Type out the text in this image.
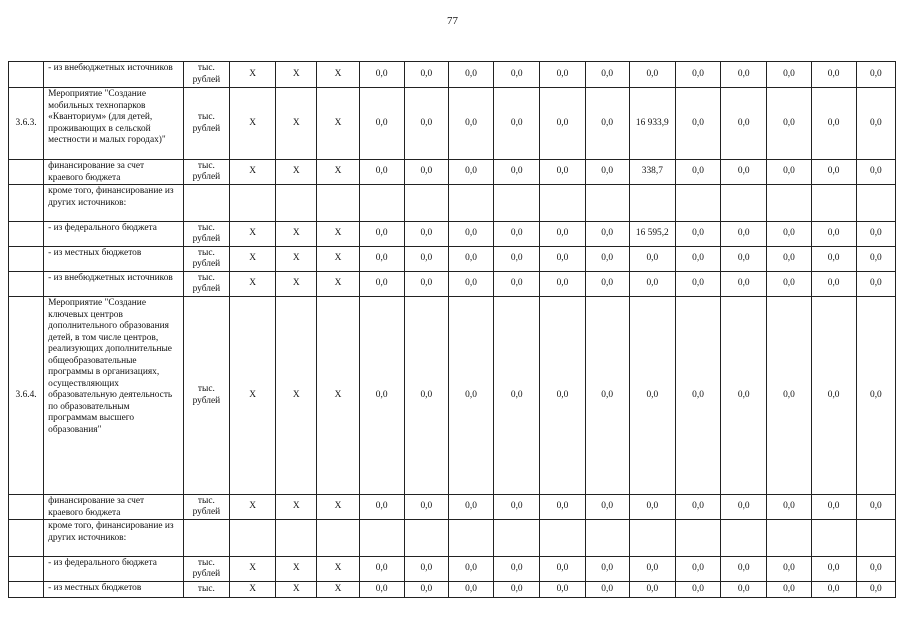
77
	- из внебюджетных источников	тыс. рублей	X	X	X	0,0	0,0	0,0	0,0	0,0	0,0	0,0	0,0	0,0	0,0	0,0	0,0
3.6.3.	Мероприятие "Создание мобильных технопарков «Кванториум» (для детей, проживающих в сельской местности и малых городах)"	тыс. рублей	X	X	X	0,0	0,0	0,0	0,0	0,0	0,0	16 933,9	0,0	0,0	0,0	0,0	0,0
	финансирование за счет краевого бюджета	тыс. рублей	X	X	X	0,0	0,0	0,0	0,0	0,0	0,0	338,7	0,0	0,0	0,0	0,0	0,0
	кроме того, финансирование из других источников:																
	- из федерального бюджета	тыс. рублей	X	X	X	0,0	0,0	0,0	0,0	0,0	0,0	16 595,2	0,0	0,0	0,0	0,0	0,0
	- из местных бюджетов	тыс. рублей	X	X	X	0,0	0,0	0,0	0,0	0,0	0,0	0,0	0,0	0,0	0,0	0,0	0,0
	- из внебюджетных источников	тыс. рублей	X	X	X	0,0	0,0	0,0	0,0	0,0	0,0	0,0	0,0	0,0	0,0	0,0	0,0
3.6.4.	Мероприятие "Создание ключевых центров дополнительного образования детей, в том числе центров, реализующих дополнительные общеобразовательные программы в организациях, осуществляющих образовательную деятельность по образовательным программам высшего образования"	тыс. рублей	X	X	X	0,0	0,0	0,0	0,0	0,0	0,0	0,0	0,0	0,0	0,0	0,0	0,0
	финансирование за счет краевого бюджета	тыс. рублей	X	X	X	0,0	0,0	0,0	0,0	0,0	0,0	0,0	0,0	0,0	0,0	0,0	0,0
	кроме того, финансирование из других источников:																
	- из федерального бюджета	тыс. рублей	X	X	X	0,0	0,0	0,0	0,0	0,0	0,0	0,0	0,0	0,0	0,0	0,0	0,0
	- из местных бюджетов	тыс.	X	X	X	0,0	0,0	0,0	0,0	0,0	0,0	0,0	0,0	0,0	0,0	0,0	0,0
